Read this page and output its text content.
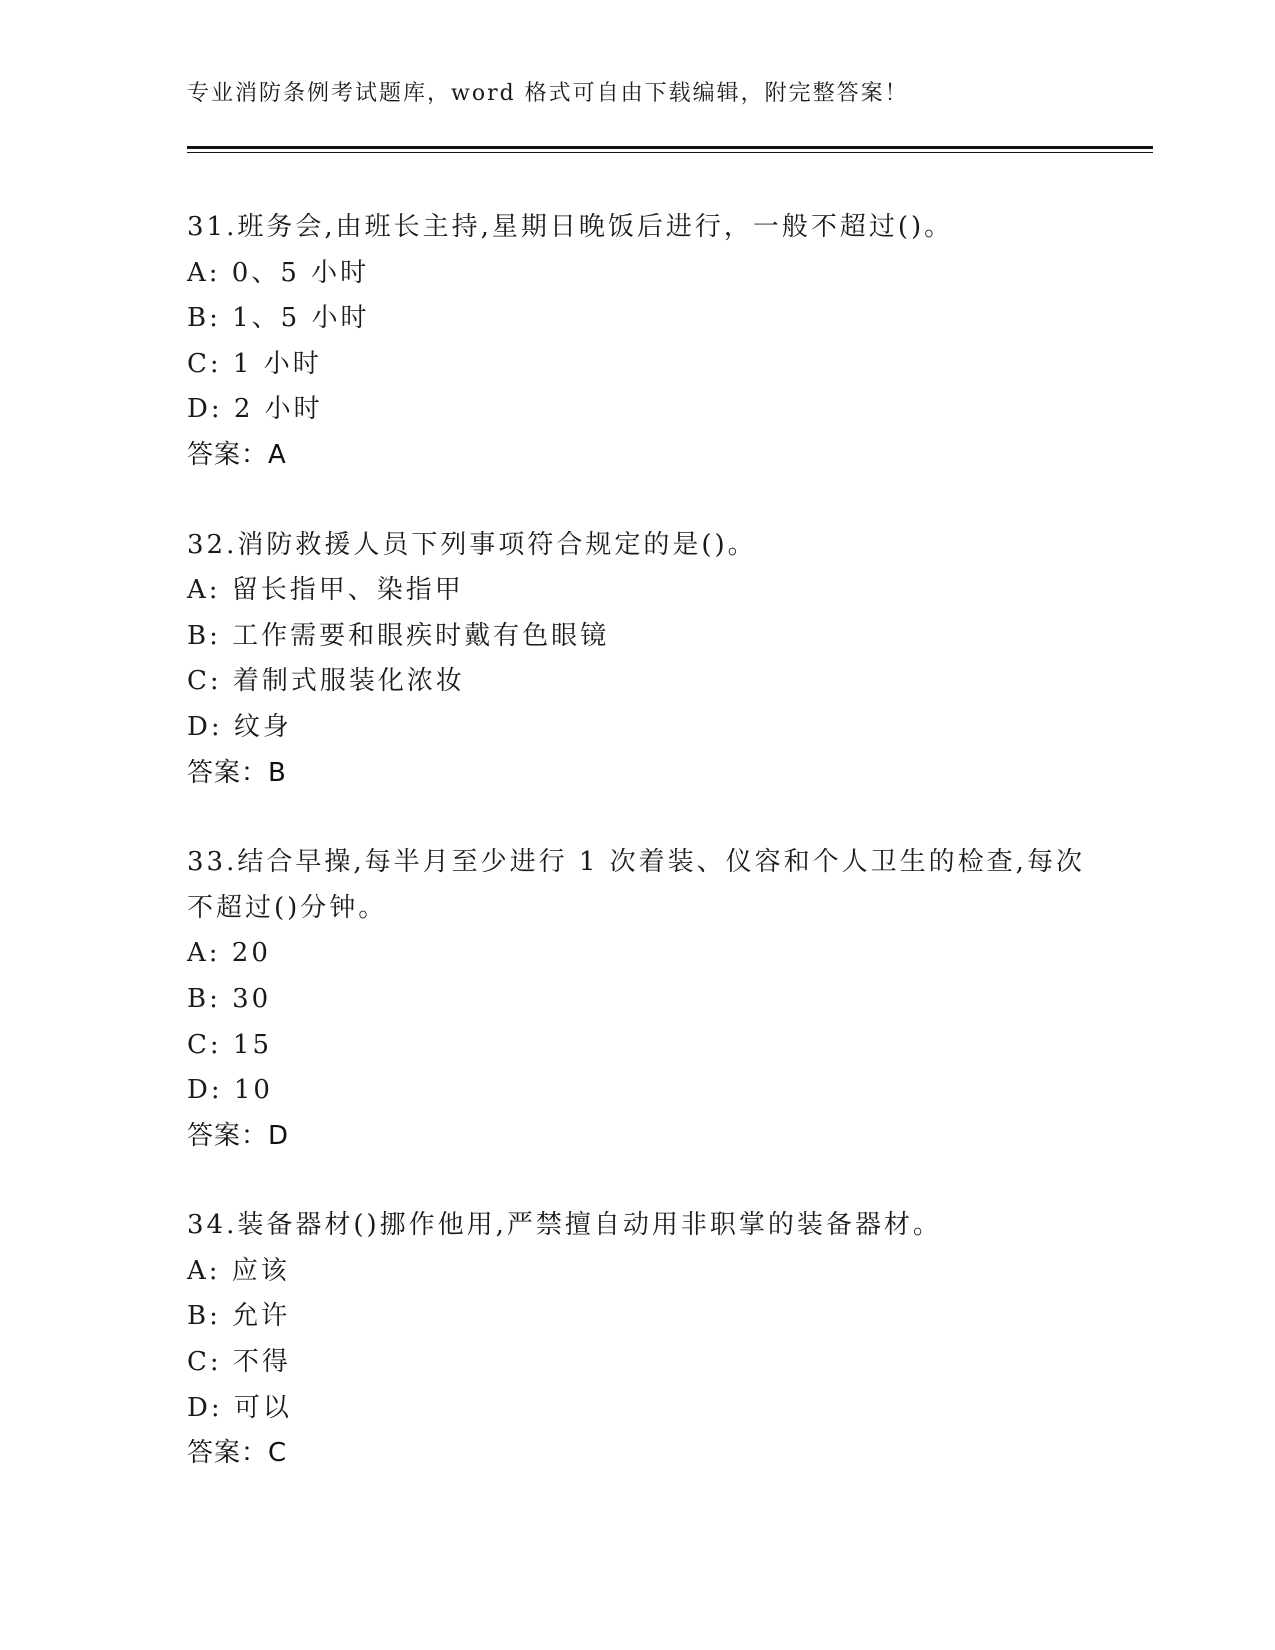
专业消防条例考试题库，word 格式可自由下载编辑，附完整答案！
31.班务会,由班长主持,星期日晚饭后进行，一般不超过()。
A: 0、5 小时
B: 1、5 小时
C: 1 小时
D: 2 小时
答案：A
32.消防救援人员下列事项符合规定的是()。
A: 留长指甲、染指甲
B: 工作需要和眼疾时戴有色眼镜
C: 着制式服装化浓妆
D: 纹身
答案：B
33.结合早操,每半月至少进行 1 次着装、仪容和个人卫生的检查,每次
不超过()分钟。
A: 20
B: 30
C: 15
D: 10
答案：D
34.装备器材()挪作他用,严禁擅自动用非职掌的装备器材。
A: 应该
B: 允许
C: 不得
D: 可以
答案：C
